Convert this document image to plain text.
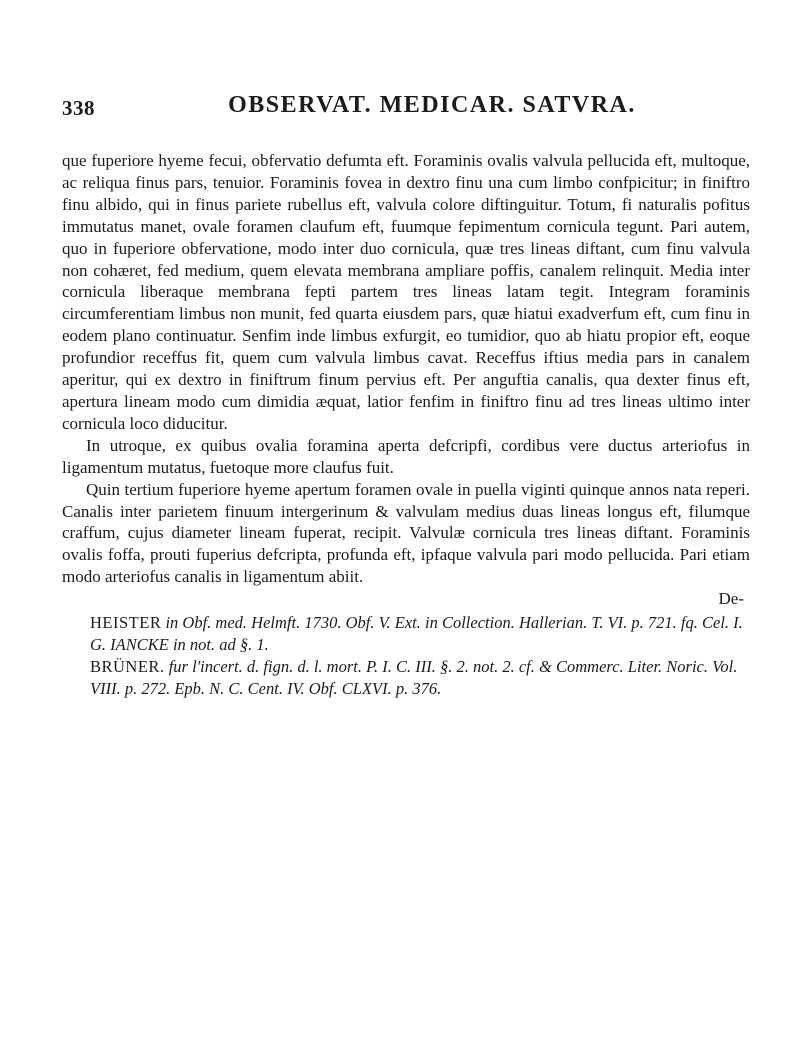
338	OBSERVAT. MEDICAR. SATVRA.

que fuperiore hyeme fecui, obfervatio defumta eft. Foraminis ovalis valvula pellucida eft, multoque, ac reliqua finus pars, tenuior. Foraminis fovea in dextro finu una cum limbo confpicitur; in finiftro finu albido, qui in finus pariete rubellus eft, valvula colore diftinguitur. Totum, fi naturalis pofitus immutatus manet, ovale foramen claufum eft, fuumque fepimentum cornicula tegunt. Pari autem, quo in fuperiore obfervatione, modo inter duo cornicula, quæ tres lineas diftant, cum finu valvula non cohæret, fed medium, quem elevata membrana ampliare poffis, canalem relinquit. Media inter cornicula liberaque membrana fepti partem tres lineas latam tegit. Integram foraminis circumferentiam limbus non munit, fed quarta eiusdem pars, quæ hiatui exadverfum eft, cum finu in eodem plano continuatur. Senfim inde limbus exfurgit, eo tumidior, quo ab hiatu propior eft, eoque profundior receffus fit, quem cum valvula limbus cavat. Receffus iftius media pars in canalem aperitur, qui ex dextro in finiftrum finum pervius eft. Per anguftia canalis, qua dexter finus eft, apertura lineam modo cum dimidia æquat, latior fenfim in finiftro finu ad tres lineas ultimo inter cornicula loco diducitur.

In utroque, ex quibus ovalia foramina aperta defcripfi, cordibus vere ductus arteriofus in ligamentum mutatus, fuetoque more claufus fuit.

Quin tertium fuperiore hyeme apertum foramen ovale in puella viginti quinque annos nata reperi. Canalis inter parietem finuum intergerinum & valvulam medius duas lineas longus eft, filumque craffum, cujus diameter lineam fuperat, recipit. Valvulæ cornicula tres lineas diftant. Foraminis ovalis foffa, prouti fuperius defcripta, profunda eft, ipfaque valvula pari modo pellucida. Pari etiam modo arteriofus canalis in ligamentum abiit.

De-
HEISTER in Obf. med. Helmft. 1730. Obf. V. Ext. in Collection. Hallerian. T. VI. p. 721. fq. Cel. I. G. IANCKE in not. ad §. 1.
BRÜNER. fur l'incert. d. fign. d. l. mort. P. I. C. III. §. 2. not. 2. cf. & Commerc. Liter. Noric. Vol. VIII. p. 272. Epb. N. C. Cent. IV. Obf. CLXVI. p. 376.
